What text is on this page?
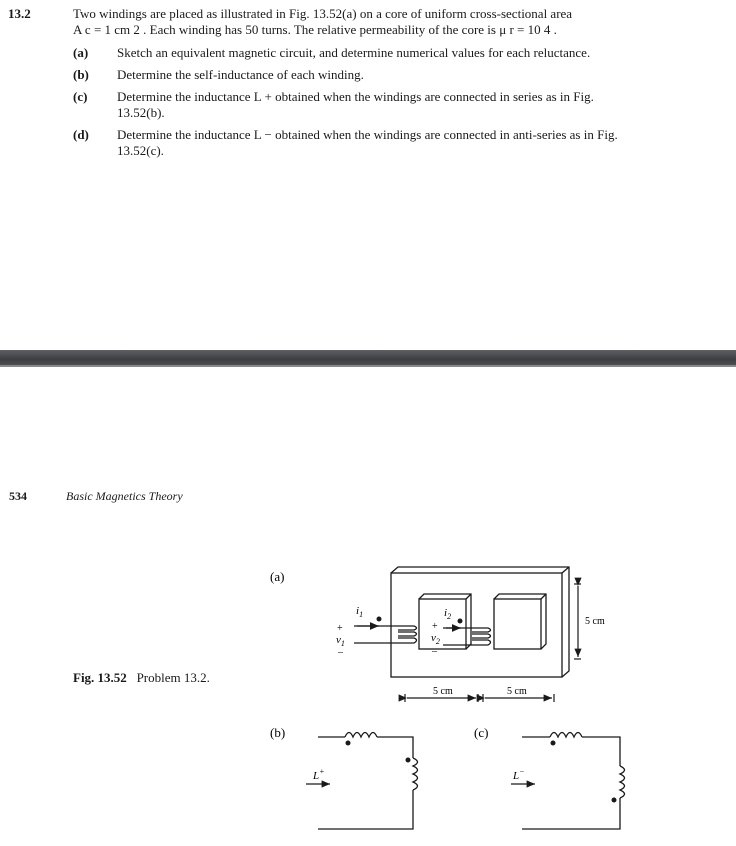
13.2	Two windings are placed as illustrated in Fig. 13.52(a) on a core of uniform cross-sectional area
A c = 1 cm 2 . Each winding has 50 turns. The relative permeability of the core is μ r = 10 4 .
(a) Sketch an equivalent magnetic circuit, and determine numerical values for each reluctance.
(b) Determine the self-inductance of each winding.
(c) Determine the inductance L + obtained when the windings are connected in series as in Fig. 13.52(b).
(d) Determine the inductance L − obtained when the windings are connected in anti-series as in Fig. 13.52(c).
534	Basic Magnetics Theory
Fig. 13.52 Problem 13.2.
(a)
(b)	(c)
$i_1$
+
$v_1$
–
$i_2$
+
$v_2$
–
5 cm
5 cm	5 cm
L+	L−
